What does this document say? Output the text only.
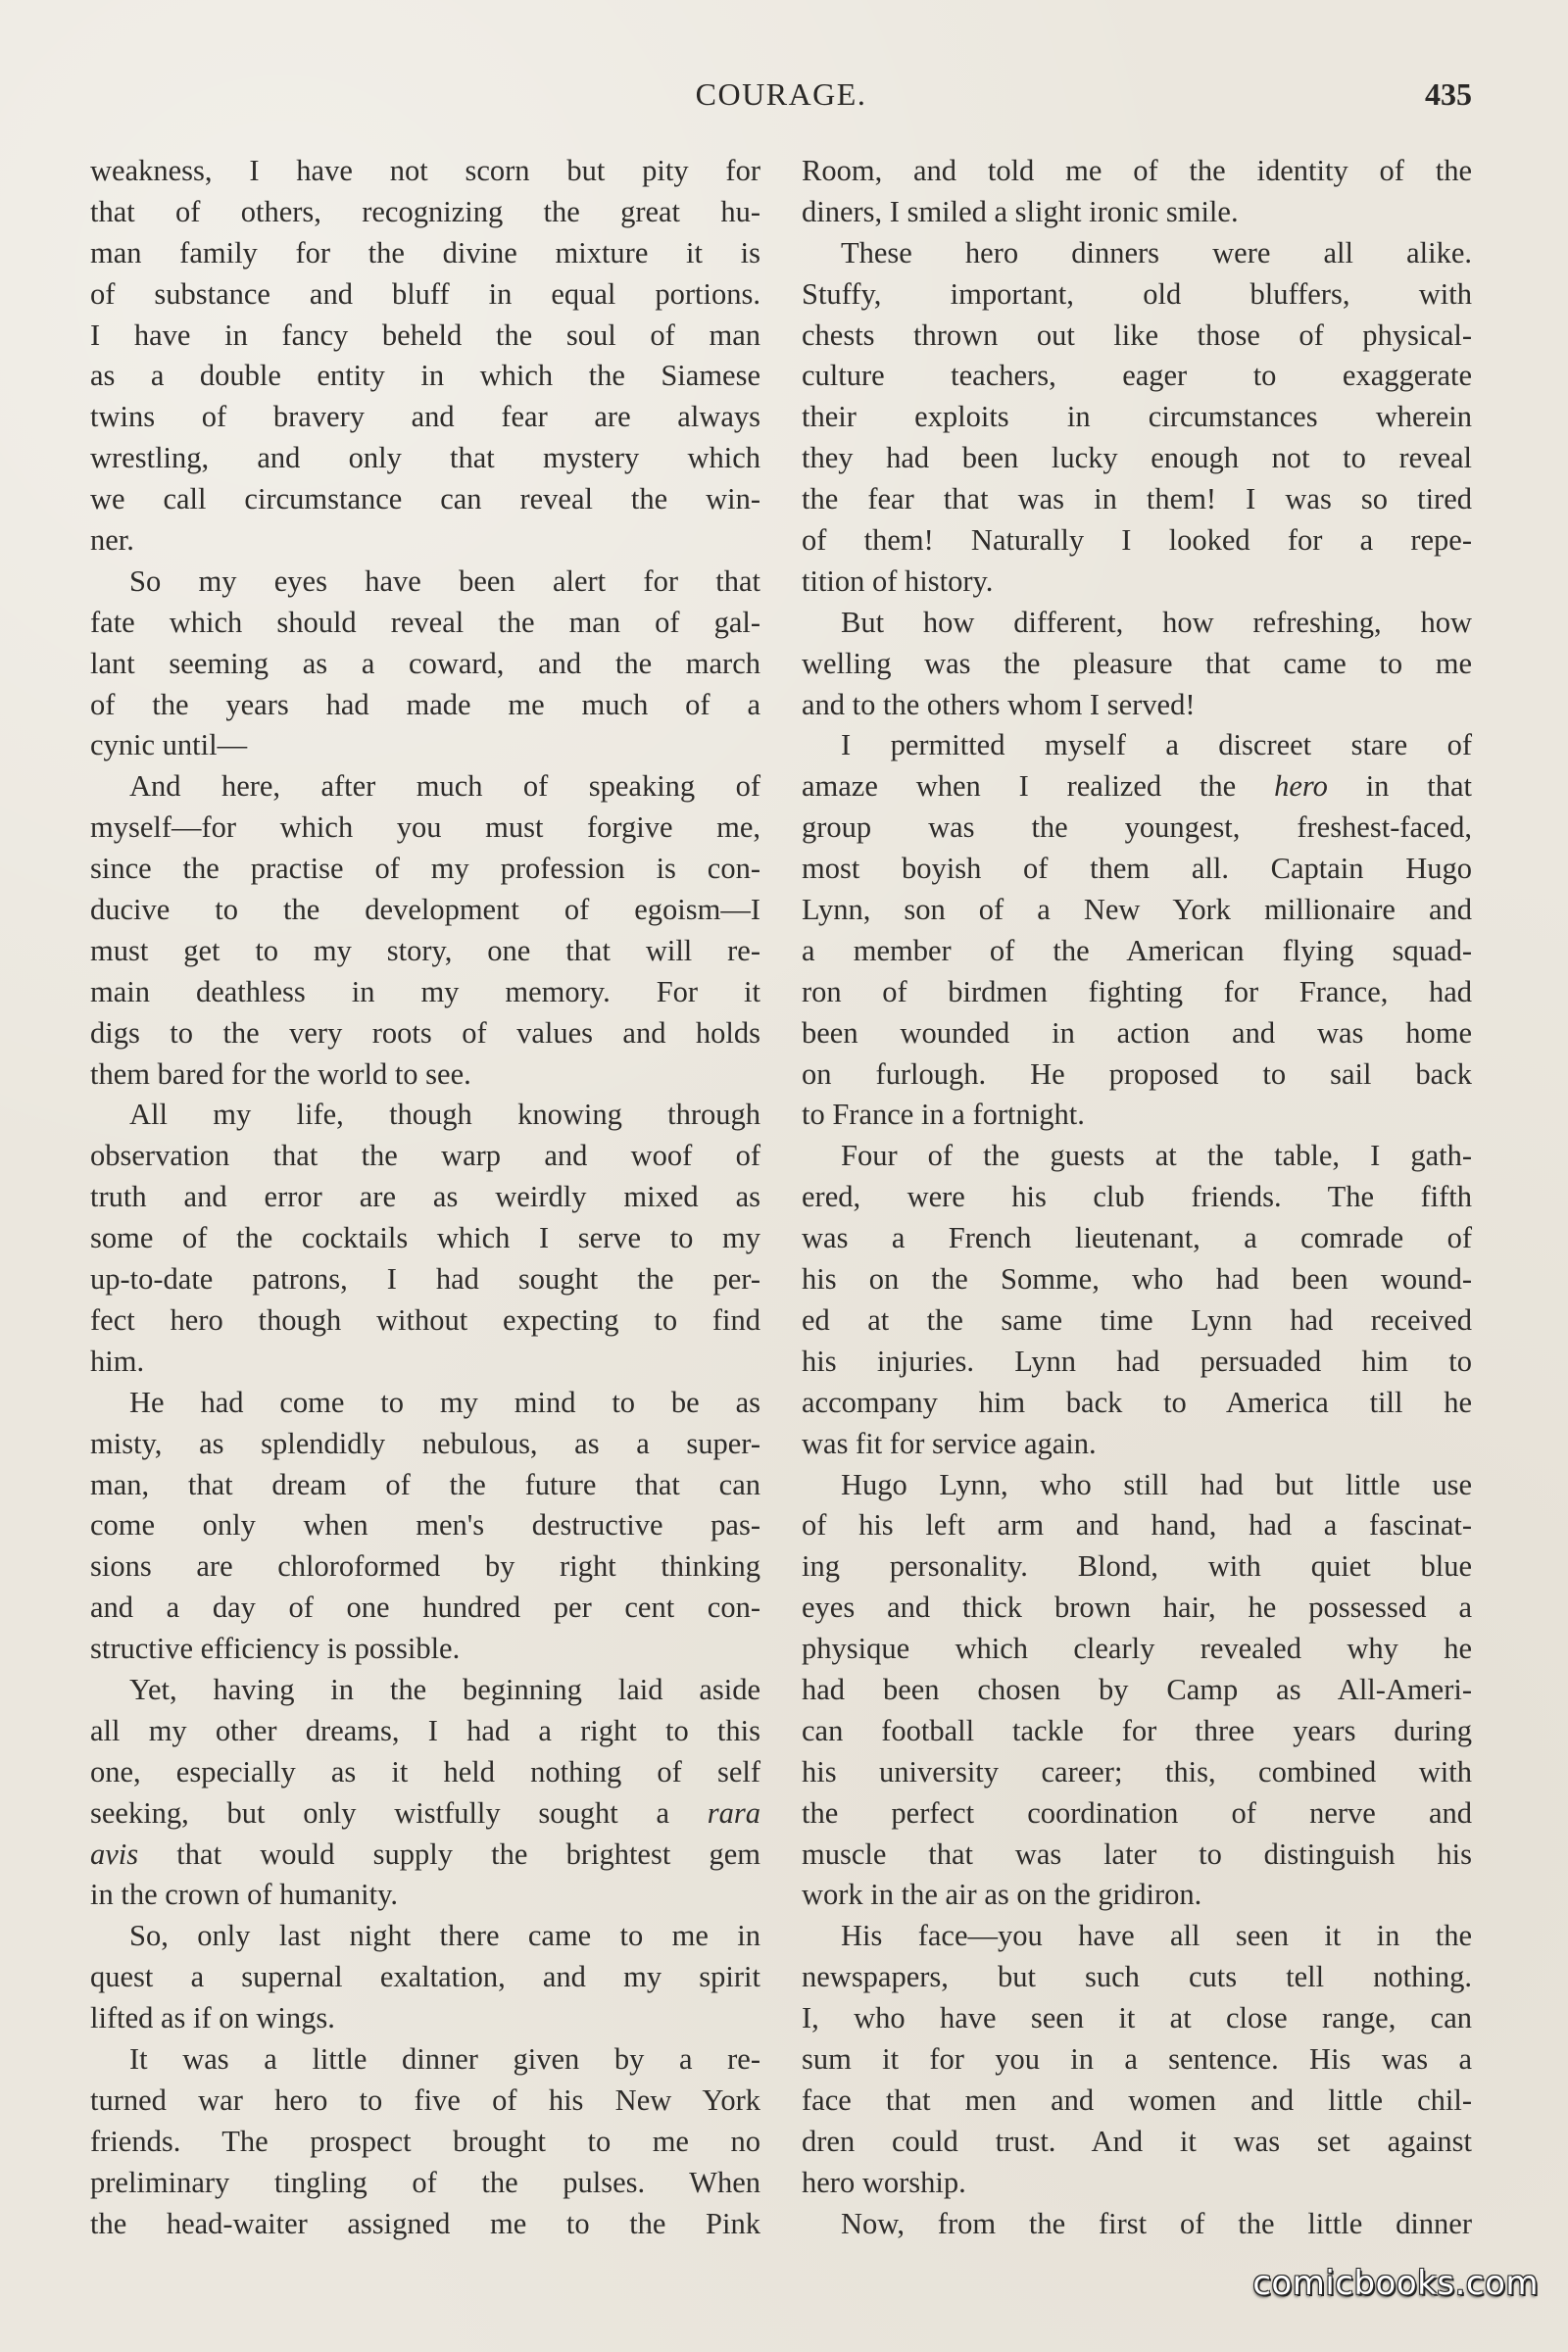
COURAGE.	435
weakness, I have not scorn but pity for
that of others, recognizing the great hu-
man family for the divine mixture it is
of substance and bluff in equal portions.
I have in fancy beheld the soul of man
as a double entity in which the Siamese
twins of bravery and fear are always
wrestling, and only that mystery which
we call circumstance can reveal the win-
ner.
So my eyes have been alert for that
fate which should reveal the man of gal-
lant seeming as a coward, and the march
of the years had made me much of a
cynic until—
And here, after much of speaking of
myself—for which you must forgive me,
since the practise of my profession is con-
ducive to the development of egoism—I
must get to my story, one that will re-
main deathless in my memory. For it
digs to the very roots of values and holds
them bared for the world to see.
All my life, though knowing through
observation that the warp and woof of
truth and error are as weirdly mixed as
some of the cocktails which I serve to my
up-to-date patrons, I had sought the per-
fect hero though without expecting to find
him.
He had come to my mind to be as
misty, as splendidly nebulous, as a super-
man, that dream of the future that can
come only when men's destructive pas-
sions are chloroformed by right thinking
and a day of one hundred per cent con-
structive efficiency is possible.
Yet, having in the beginning laid aside
all my other dreams, I had a right to this
one, especially as it held nothing of self
seeking, but only wistfully sought a rara
avis that would supply the brightest gem
in the crown of humanity.
So, only last night there came to me in
quest a supernal exaltation, and my spirit
lifted as if on wings.
It was a little dinner given by a re-
turned war hero to five of his New York
friends. The prospect brought to me no
preliminary tingling of the pulses. When
the head-waiter assigned me to the Pink
Room, and told me of the identity of the
diners, I smiled a slight ironic smile.
These hero dinners were all alike.
Stuffy, important, old bluffers, with
chests thrown out like those of physical-
culture teachers, eager to exaggerate
their exploits in circumstances wherein
they had been lucky enough not to reveal
the fear that was in them! I was so tired
of them! Naturally I looked for a repe-
tition of history.
But how different, how refreshing, how
welling was the pleasure that came to me
and to the others whom I served!
I permitted myself a discreet stare of
amaze when I realized the hero in that
group was the youngest, freshest-faced,
most boyish of them all. Captain Hugo
Lynn, son of a New York millionaire and
a member of the American flying squad-
ron of birdmen fighting for France, had
been wounded in action and was home
on furlough. He proposed to sail back
to France in a fortnight.
Four of the guests at the table, I gath-
ered, were his club friends. The fifth
was a French lieutenant, a comrade of
his on the Somme, who had been wound-
ed at the same time Lynn had received
his injuries. Lynn had persuaded him to
accompany him back to America till he
was fit for service again.
Hugo Lynn, who still had but little use
of his left arm and hand, had a fascinat-
ing personality. Blond, with quiet blue
eyes and thick brown hair, he possessed a
physique which clearly revealed why he
had been chosen by Camp as All-Ameri-
can football tackle for three years during
his university career; this, combined with
the perfect coordination of nerve and
muscle that was later to distinguish his
work in the air as on the gridiron.
His face—you have all seen it in the
newspapers, but such cuts tell nothing.
I, who have seen it at close range, can
sum it for you in a sentence. His was a
face that men and women and little chil-
dren could trust. And it was set against
hero worship.
Now, from the first of the little dinner
comicbooks.com
